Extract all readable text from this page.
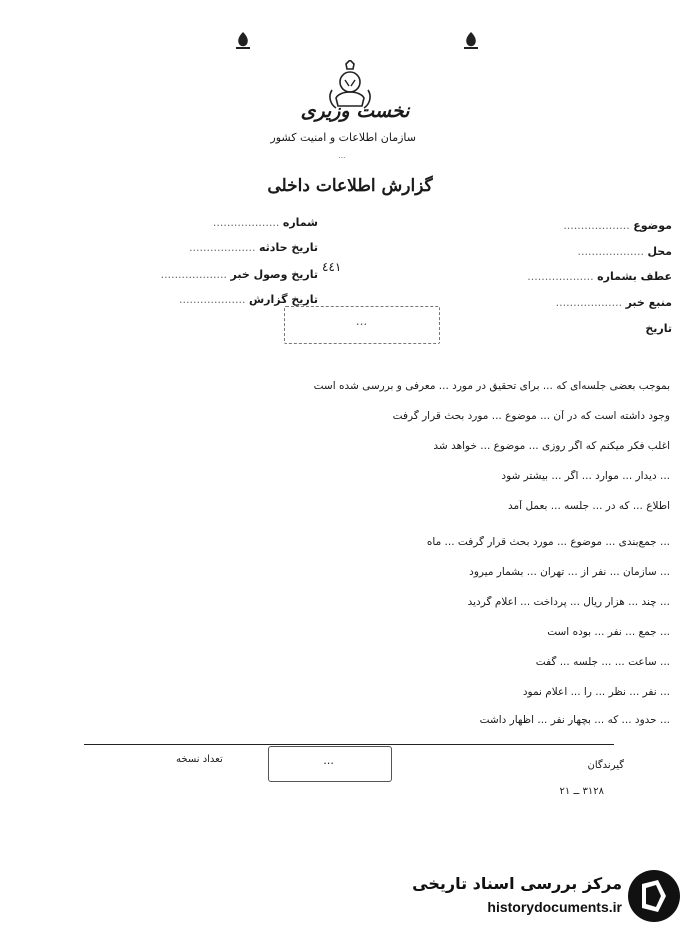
نخست وزیری
سازمان اطلاعات و امنیت کشور
...
گزارش اطلاعات داخلی
موضوع ...................
محل ...................
عطف بشماره ...................
منبع خبر ...................
تاریخ
شماره ...................
تاریخ حادثه ...................
تاریخ وصول خبر ...................
تاریخ گزارش ...................
٤٤١
...
بموجب بعضی جلسه‌ای که ... برای تحقیق در مورد ... معرفی و بررسی شده است
وجود داشته است که در آن ... موضوع ... مورد بحث قرار گرفت
اغلب فکر میکنم که اگر روزی ... موضوع ... خواهد شد
... دیدار ... موارد ... اگر ... بیشتر شود
اطلاع ... که در ... جلسه ... بعمل آمد
... جمع‌بندی ... موضوع ... مورد بحث قرار گرفت ... ماه
... سازمان ... نفر از ... تهران ... بشمار میرود
... چند ... هزار ریال ... پرداخت ... اعلام گردید
... جمع ... نفر ... بوده است
... ساعت ... ... جلسه ... گفت
... نفر ... نظر ... را ... اعلام نمود
... حدود ... که ... بچهار نفر ... اظهار داشت
گیرندگان
تعداد نسخه	...
٣١٢٨ ــ ٢١
مرکز بررسی اسناد تاریخی
historydocuments.ir
